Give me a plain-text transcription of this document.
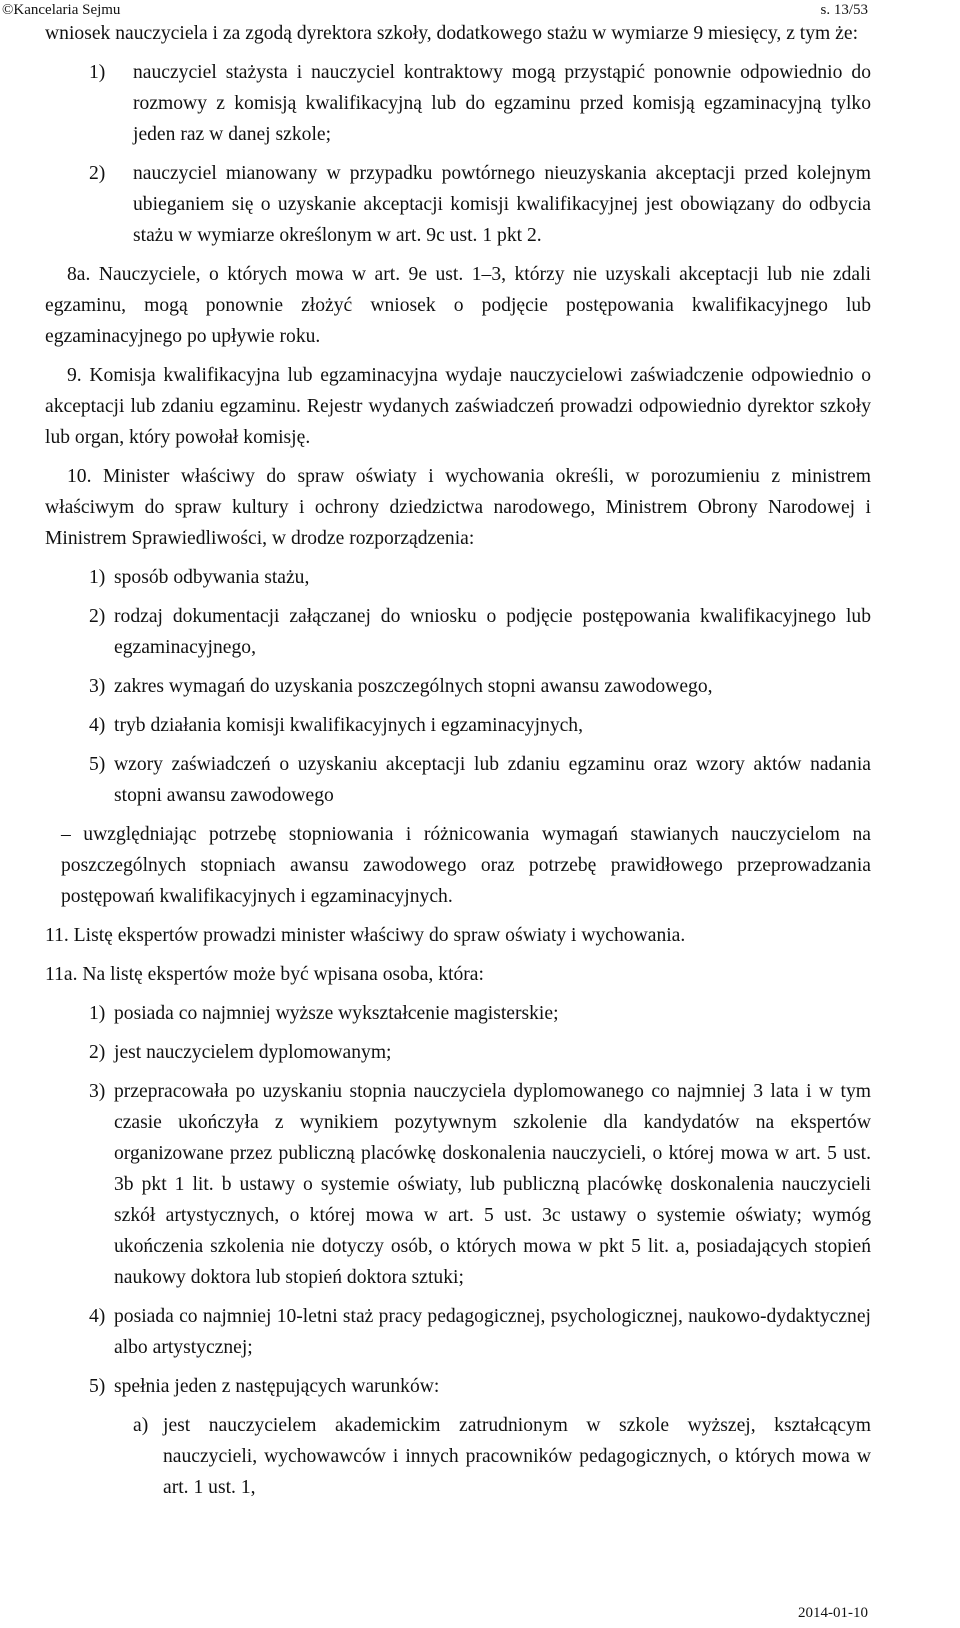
©Kancelaria Sejmu	s. 13/53

wniosek nauczyciela i za zgodą dyrektora szkoły, dodatkowego stażu w wymiarze 9 miesięcy, z tym że:

1)	nauczyciel stażysta i nauczyciel kontraktowy mogą przystąpić ponownie odpowiednio do rozmowy z komisją kwalifikacyjną lub do egzaminu przed komisją egzaminacyjną tylko jeden raz w danej szkole;
2)	nauczyciel mianowany w przypadku powtórnego nieuzyskania akceptacji przed kolejnym ubieganiem się o uzyskanie akceptacji komisji kwalifikacyjnej jest obowiązany do odbycia stażu w wymiarze określonym w art. 9c ust. 1 pkt 2.

8a. Nauczyciele, o których mowa w art. 9e ust. 1–3, którzy nie uzyskali akceptacji lub nie zdali egzaminu, mogą ponownie złożyć wniosek o podjęcie postępowania kwalifikacyjnego lub egzaminacyjnego po upływie roku.

9. Komisja kwalifikacyjna lub egzaminacyjna wydaje nauczycielowi zaświadczenie odpowiednio o akceptacji lub zdaniu egzaminu. Rejestr wydanych zaświadczeń prowadzi odpowiednio dyrektor szkoły lub organ, który powołał komisję.

10. Minister właściwy do spraw oświaty i wychowania określi, w porozumieniu z ministrem właściwym do spraw kultury i ochrony dziedzictwa narodowego, Ministrem Obrony Narodowej i Ministrem Sprawiedliwości, w drodze rozporządzenia:

1) sposób odbywania stażu,
2) rodzaj dokumentacji załączanej do wniosku o podjęcie postępowania kwalifikacyjnego lub egzaminacyjnego,
3) zakres wymagań do uzyskania poszczególnych stopni awansu zawodowego,
4) tryb działania komisji kwalifikacyjnych i egzaminacyjnych,
5) wzory zaświadczeń o uzyskaniu akceptacji lub zdaniu egzaminu oraz wzory aktów nadania stopni awansu zawodowego

– uwzględniając potrzebę stopniowania i różnicowania wymagań stawianych nauczycielom na poszczególnych stopniach awansu zawodowego oraz potrzebę prawidłowego przeprowadzania postępowań kwalifikacyjnych i egzaminacyjnych.

11. Listę ekspertów prowadzi minister właściwy do spraw oświaty i wychowania.

11a. Na listę ekspertów może być wpisana osoba, która:

1) posiada co najmniej wyższe wykształcenie magisterskie;
2) jest nauczycielem dyplomowanym;
3) przepracowała po uzyskaniu stopnia nauczyciela dyplomowanego co najmniej 3 lata i w tym czasie ukończyła z wynikiem pozytywnym szkolenie dla kandydatów na ekspertów organizowane przez publiczną placówkę doskonalenia nauczycieli, o której mowa w art. 5 ust. 3b pkt 1 lit. b ustawy o systemie oświaty, lub publiczną placówkę doskonalenia nauczycieli szkół artystycznych, o której mowa w art. 5 ust. 3c ustawy o systemie oświaty; wymóg ukończenia szkolenia nie dotyczy osób, o których mowa w pkt 5 lit. a, posiadających stopień naukowy doktora lub stopień doktora sztuki;
4) posiada co najmniej 10-letni staż pracy pedagogicznej, psychologicznej, naukowo-dydaktycznej albo artystycznej;
5) spełnia jeden z następujących warunków:
a) jest nauczycielem akademickim zatrudnionym w szkole wyższej, kształcącym nauczycieli, wychowawców i innych pracowników pedagogicznych, o których mowa w art. 1 ust. 1,
2014-01-10
